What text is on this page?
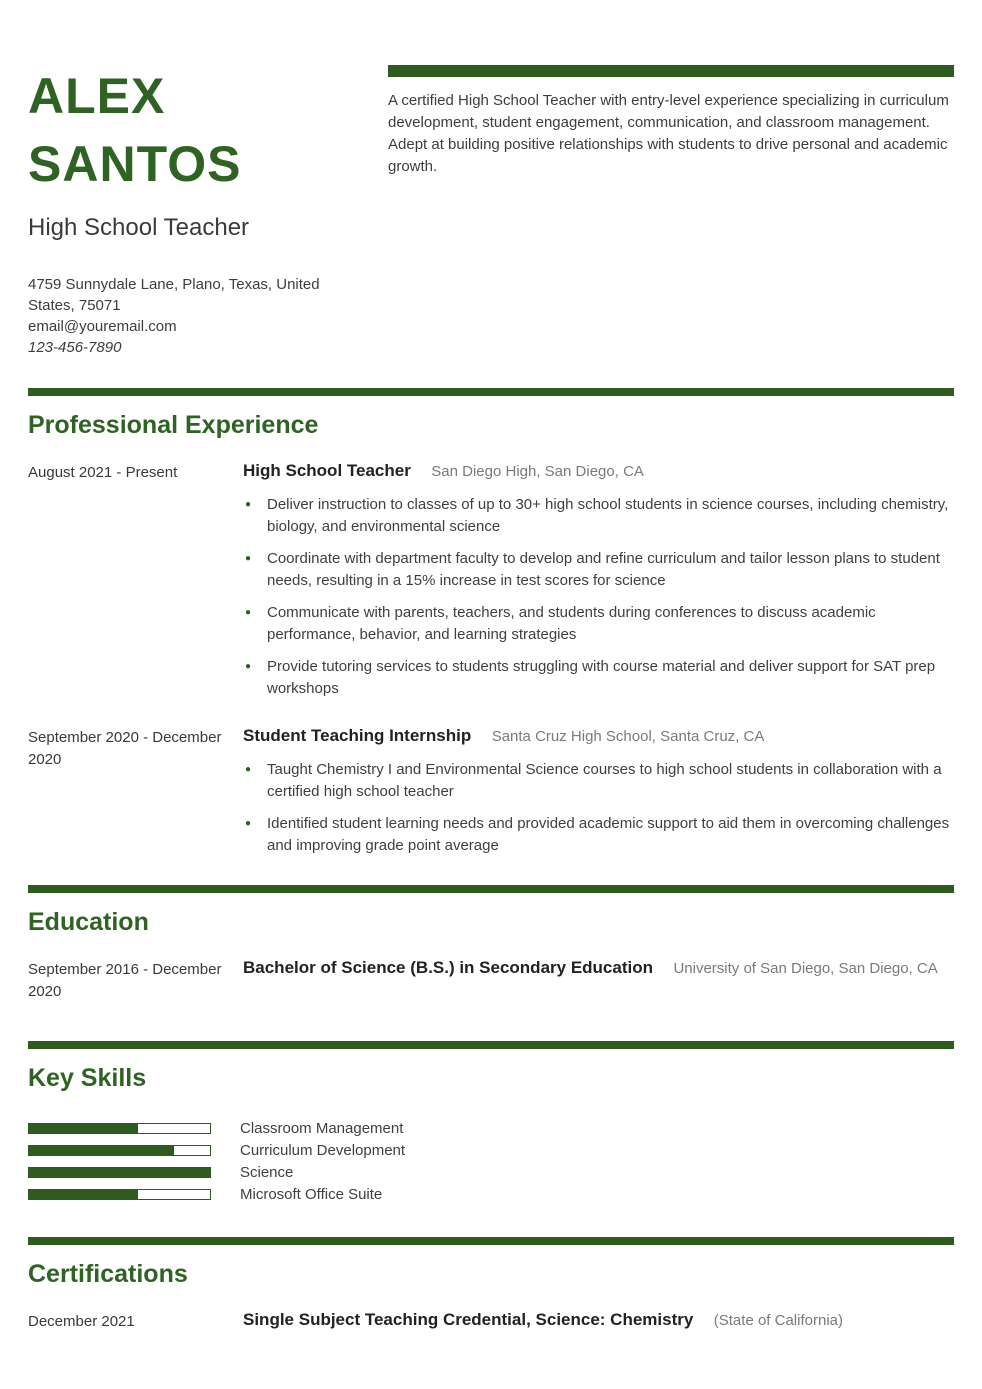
ALEX
SANTOS
High School Teacher
4759 Sunnydale Lane, Plano, Texas, United
States, 75071
email@youremail.com
123-456-7890

A certified High School Teacher with entry-level experience specializing in curriculum development, student engagement, communication, and classroom management. Adept at building positive relationships with students to drive personal and academic growth.

Professional Experience
August 2021 - Present	High School Teacher San Diego High, San Diego, CA
● Deliver instruction to classes of up to 30+ high school students in science courses, including chemistry, biology, and environmental science
● Coordinate with department faculty to develop and refine curriculum and tailor lesson plans to student needs, resulting in a 15% increase in test scores for science
● Communicate with parents, teachers, and students during conferences to discuss academic performance, behavior, and learning strategies
● Provide tutoring services to students struggling with course material and deliver support for SAT prep workshops
September 2020 - December 2020
Student Teaching Internship Santa Cruz High School, Santa Cruz, CA
● Taught Chemistry I and Environmental Science courses to high school students in collaboration with a certified high school teacher
● Identified student learning needs and provided academic support to aid them in overcoming challenges and improving grade point average
Education
September 2016 - December 2020
Bachelor of Science (B.S.) in Secondary Education University of San Diego, San Diego, CA
Key Skills
Classroom Management
Curriculum Development
Science
Microsoft Office Suite
Certifications
December 2021	Single Subject Teaching Credential, Science: Chemistry (State of California)
